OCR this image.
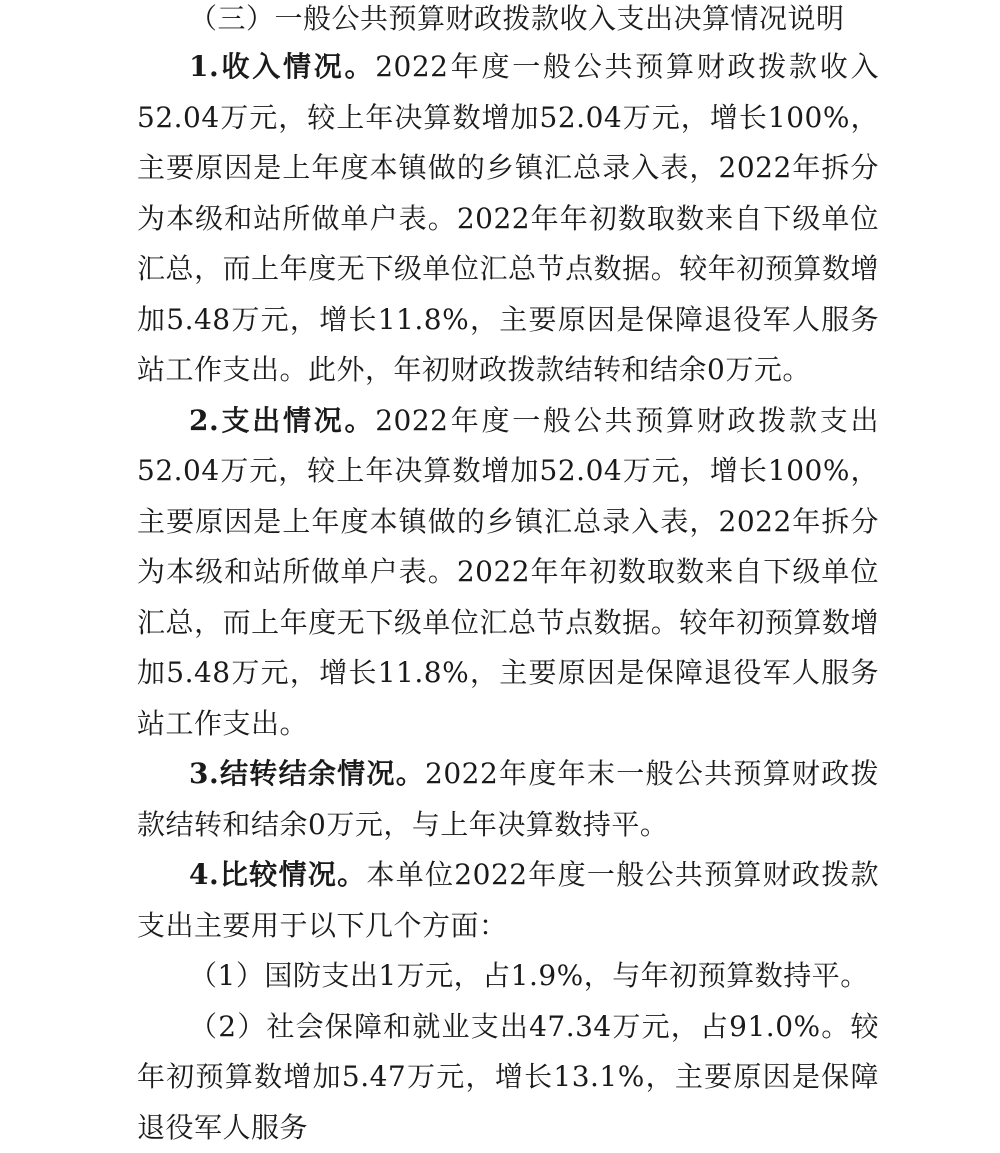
（三）一般公共预算财政拨款收入支出决算情况说明

1.收入情况。2022年度一般公共预算财政拨款收入52.04万元，较上年决算数增加52.04万元，增长100%，主要原因是上年度本镇做的乡镇汇总录入表，2022年拆分为本级和站所做单户表。2022年年初数取数来自下级单位汇总，而上年度无下级单位汇总节点数据。较年初预算数增加5.48万元，增长11.8%，主要原因是保障退役军人服务站工作支出。此外，年初财政拨款结转和结余0万元。

2.支出情况。2022年度一般公共预算财政拨款支出52.04万元，较上年决算数增加52.04万元，增长100%，主要原因是上年度本镇做的乡镇汇总录入表，2022年拆分为本级和站所做单户表。2022年年初数取数来自下级单位汇总，而上年度无下级单位汇总节点数据。较年初预算数增加5.48万元，增长11.8%，主要原因是保障退役军人服务站工作支出。

3.结转结余情况。2022年度年末一般公共预算财政拨款结转和结余0万元，与上年决算数持平。

4.比较情况。本单位2022年度一般公共预算财政拨款支出主要用于以下几个方面：

（1）国防支出1万元，占1.9%，与年初预算数持平。

（2）社会保障和就业支出47.34万元，占91.0%。较年初预算数增加5.47万元，增长13.1%，主要原因是保障退役军人服务
